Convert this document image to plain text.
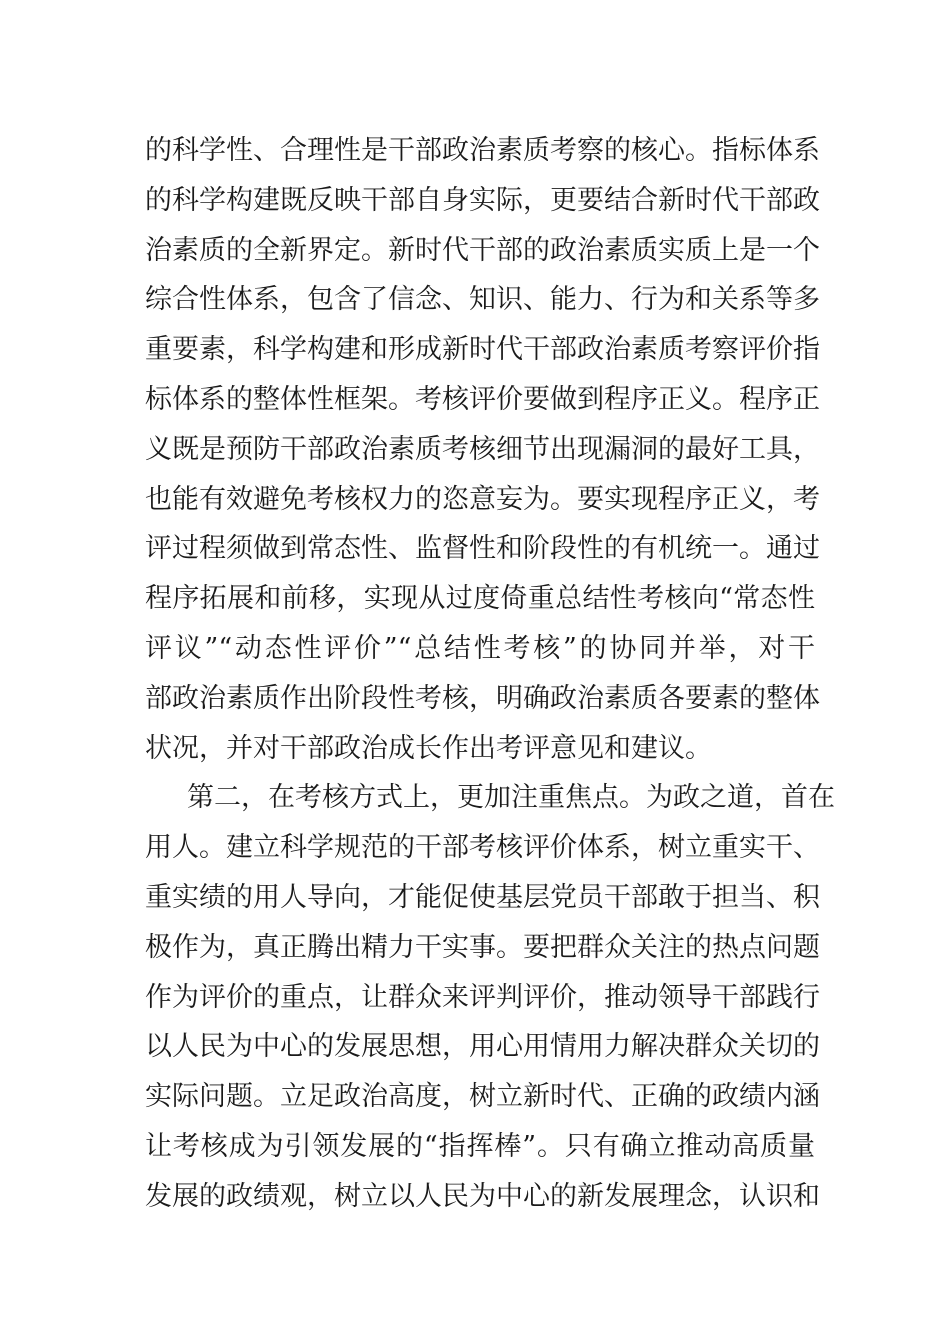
的科学性、合理性是干部政治素质考察的核心。指标体系
的科学构建既反映干部自身实际，更要结合新时代干部政
治素质的全新界定。新时代干部的政治素质实质上是一个
综合性体系，包含了信念、知识、能力、行为和关系等多
重要素，科学构建和形成新时代干部政治素质考察评价指
标体系的整体性框架。考核评价要做到程序正义。程序正
义既是预防干部政治素质考核细节出现漏洞的最好工具，
也能有效避免考核权力的恣意妄为。要实现程序正义，考
评过程须做到常态性、监督性和阶段性的有机统一。通过
程序拓展和前移，实现从过度倚重总结性考核向“常态性
评议”“动态性评价”“总结性考核”的协同并举，对干
部政治素质作出阶段性考核，明确政治素质各要素的整体
状况，并对干部政治成长作出考评意见和建议。
第二，在考核方式上，更加注重焦点。为政之道，首在
用人。建立科学规范的干部考核评价体系，树立重实干、
重实绩的用人导向，才能促使基层党员干部敢于担当、积
极作为，真正腾出精力干实事。要把群众关注的热点问题
作为评价的重点，让群众来评判评价，推动领导干部践行
以人民为中心的发展思想，用心用情用力解决群众关切的
实际问题。立足政治高度，树立新时代、正确的政绩内涵
让考核成为引领发展的“指挥棒”。只有确立推动高质量
发展的政绩观，树立以人民为中心的新发展理念，认识和
